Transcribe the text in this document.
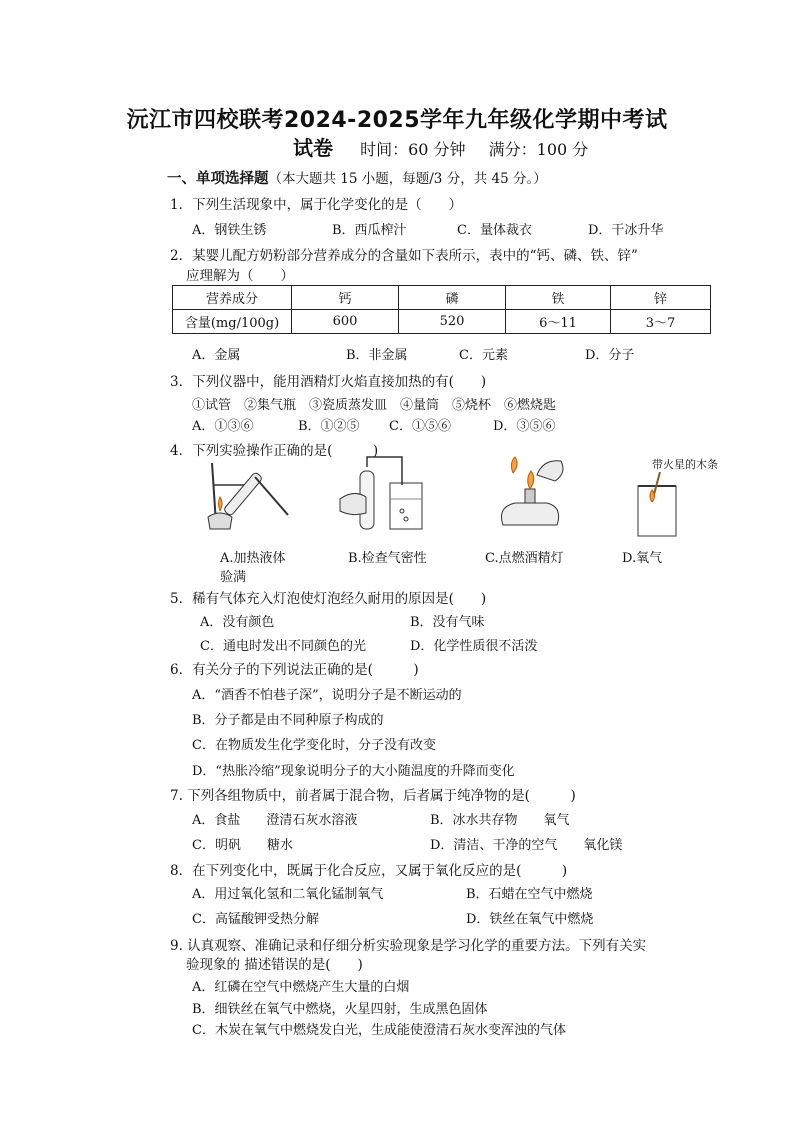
沅江市四校联考2024-2025学年九年级化学期中考试
试卷 时间：60 分钟 满分：100 分
一、单项选择题（本大题共 15 小题，每题/3 分，共 45 分。）
1．下列生活现象中，属于化学变化的是（　　）
A．钢铁生锈	B．西瓜榨汁	C．量体裁衣	D．干冰升华
2．某婴儿配方奶粉部分营养成分的含量如下表所示，表中的“钙、磷、铁、锌”
应理解为（　　）
营养成分	钙	磷	铁	锌
含量(mg/100g)	600	520	6～11	3～7
A．金属	B．非金属	C．元素	D．分子
3．下列仪器中，能用酒精灯火焰直接加热的有(　　)
①试管　②集气瓶　③瓷质蒸发皿　④量筒　⑤烧杯　⑥燃烧匙
A．①③⑥	B．①②⑤ C．①⑤⑥	D．③⑤⑥
4．下列实验操作正确的是(　　　)
带火星的木条
A.加热液体
验满
B.检查气密性	C.点燃酒精灯	D.氧气
5．稀有气体充入灯泡使灯泡经久耐用的原因是(　　)
A．没有颜色	B．没有气味
C．通电时发出不同颜色的光	D．化学性质很不活泼
6．有关分子的下列说法正确的是(　　　)
A．“酒香不怕巷子深”，说明分子是不断运动的
B．分子都是由不同种原子构成的
C．在物质发生化学变化时，分子没有改变
D．“热胀冷缩”现象说明分子的大小随温度的升降而变化
7. 下列各组物质中，前者属于混合物，后者属于纯净物的是(　　　)
A．食盐　　澄清石灰水溶液	B．冰水共存物　　氧气
C．明矾　　糖水	D．清洁、干净的空气　　氧化镁
8．在下列变化中，既属于化合反应，又属于氧化反应的是(　　　)
A．用过氧化氢和二氧化锰制氧气	B．石蜡在空气中燃烧
C．高锰酸钾受热分解	D．铁丝在氧气中燃烧
9. 认真观察、准确记录和仔细分析实验现象是学习化学的重要方法。下列有关实
验现象的 描述错误的是(　　)
A．红磷在空气中燃烧产生大量的白烟
B．细铁丝在氧气中燃烧，火星四射，生成黑色固体
C．木炭在氧气中燃烧发白光，生成能使澄清石灰水变浑浊的气体
